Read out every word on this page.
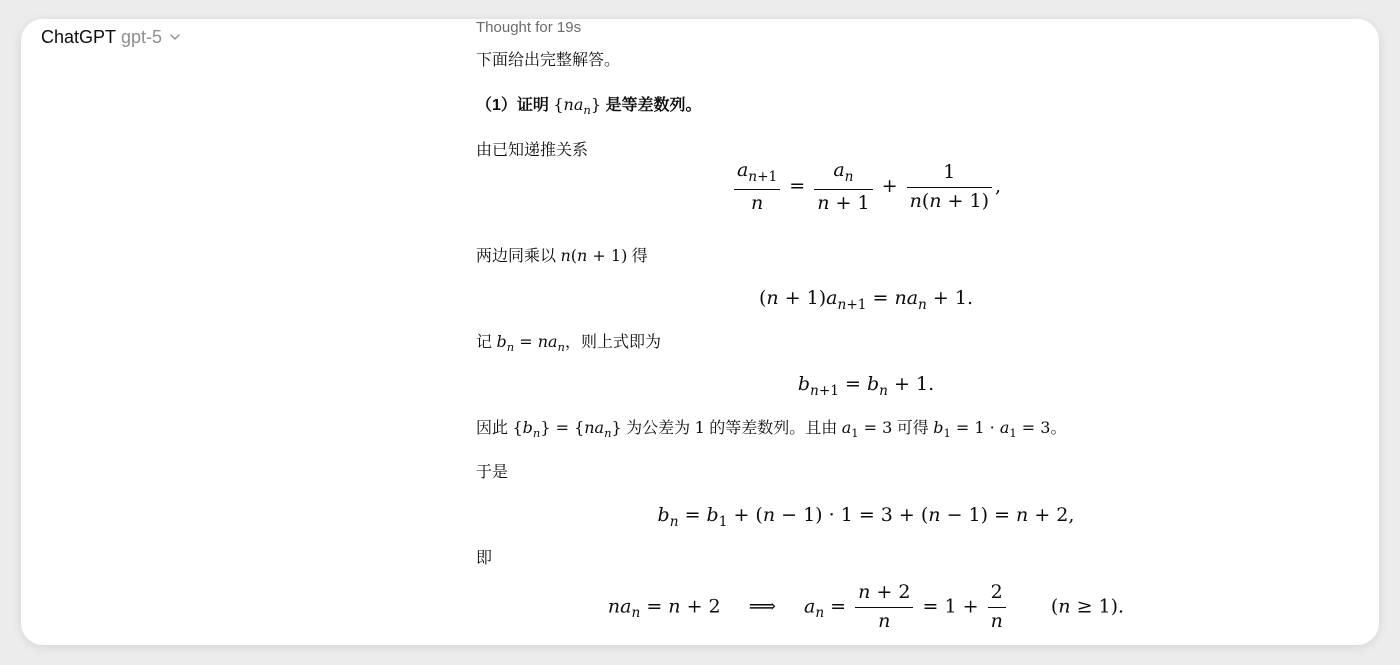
ChatGPT gpt-5	Thought for 19s
下面给出完整解答。
（1）证明 $\{na_n\}$ 是等差数列。
由已知递推关系
$\frac{a_{n+1}}{n} = \frac{a_n}{n + 1} + \frac{1}{n(n + 1)}$ ,
两边同乘以 n(n + 1) 得
$(n + 1)a_{n+1} = na_n + 1$.
记 $b_n = na_n$，则上式即为
$b_{n+1} = b_n + 1$.
因此 $\{b_n\} = \{na_n\}$ 为公差为 1 的等差数列。且由 $a_1 = 3$ 可得 $b_1 = 1 \cdot a_1 = 3$。
于是
$b_n = b_1 + (n - 1) \cdot 1 = 3 + (n - 1) = n + 2$,
即
$na_n = n + 2$ ⟹ $a_n = \frac{n + 2}{n} = 1 + \frac{2}{n} (n \ge 1)$.
